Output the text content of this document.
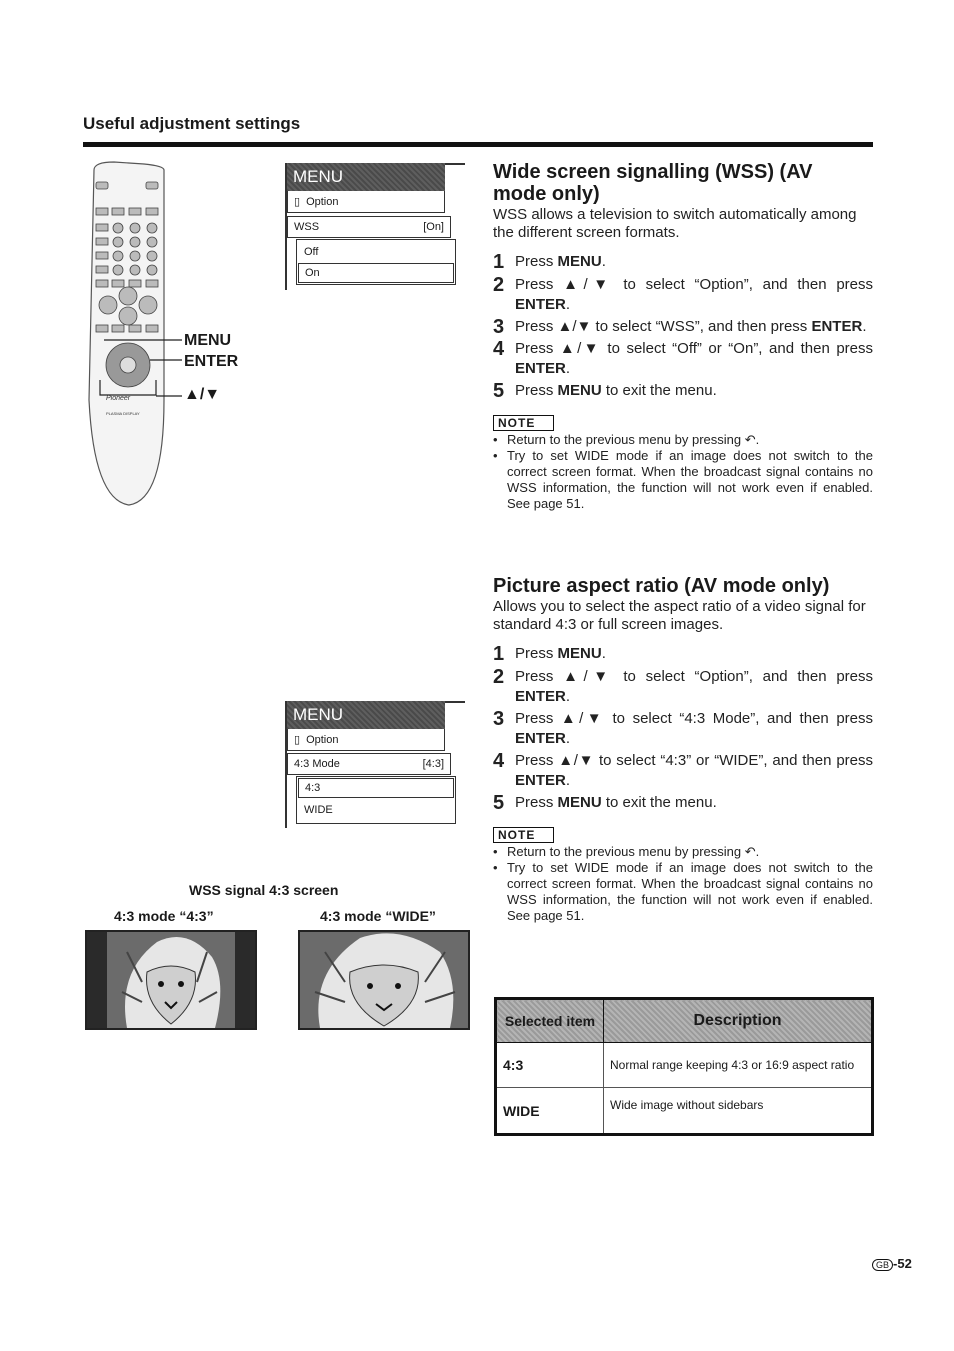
Useful adjustment settings
Pioneer
PLASMA DISPLAY
MENU
ENTER
▲/▼
MENU
▯ Option
WSS	[On]
Off
On
MENU
▯ Option
4:3 Mode	[4:3]
4:3
WIDE
Wide screen signalling (WSS) (AV
mode only)
WSS allows a television to switch automatically among the different screen formats.
1 Press MENU.
2 Press ▲/▼ to select “Option”, and then press ENTER.
3 Press ▲/▼ to select “WSS”, and then press ENTER.
4 Press ▲/▼ to select “Off” or “On”, and then press ENTER.
5 Press MENU to exit the menu.
NOTE
• Return to the previous menu by pressing ↶.
• Try to set WIDE mode if an image does not switch to the correct screen format. When the broadcast signal contains no WSS information, the function will not work even if enabled. See page 51.
Picture aspect ratio (AV mode only)
Allows you to select the aspect ratio of a video signal for standard 4:3 or full screen images.
1 Press MENU.
2 Press ▲/▼ to select “Option”, and then press ENTER.
3 Press ▲/▼ to select “4:3 Mode”, and then press ENTER.
4 Press ▲/▼ to select “4:3” or “WIDE”, and then press ENTER.
5 Press MENU to exit the menu.
NOTE
• Return to the previous menu by pressing ↶.
• Try to set WIDE mode if an image does not switch to the correct screen format. When the broadcast signal contains no WSS information, the function will not work even if enabled. See page 51.
WSS signal 4:3 screen
4:3 mode “4:3”	4:3 mode “WIDE”
Selected item	Description
4:3	Normal range keeping 4:3 or 16:9 aspect ratio
WIDE	Wide image without sidebars
GB -52
